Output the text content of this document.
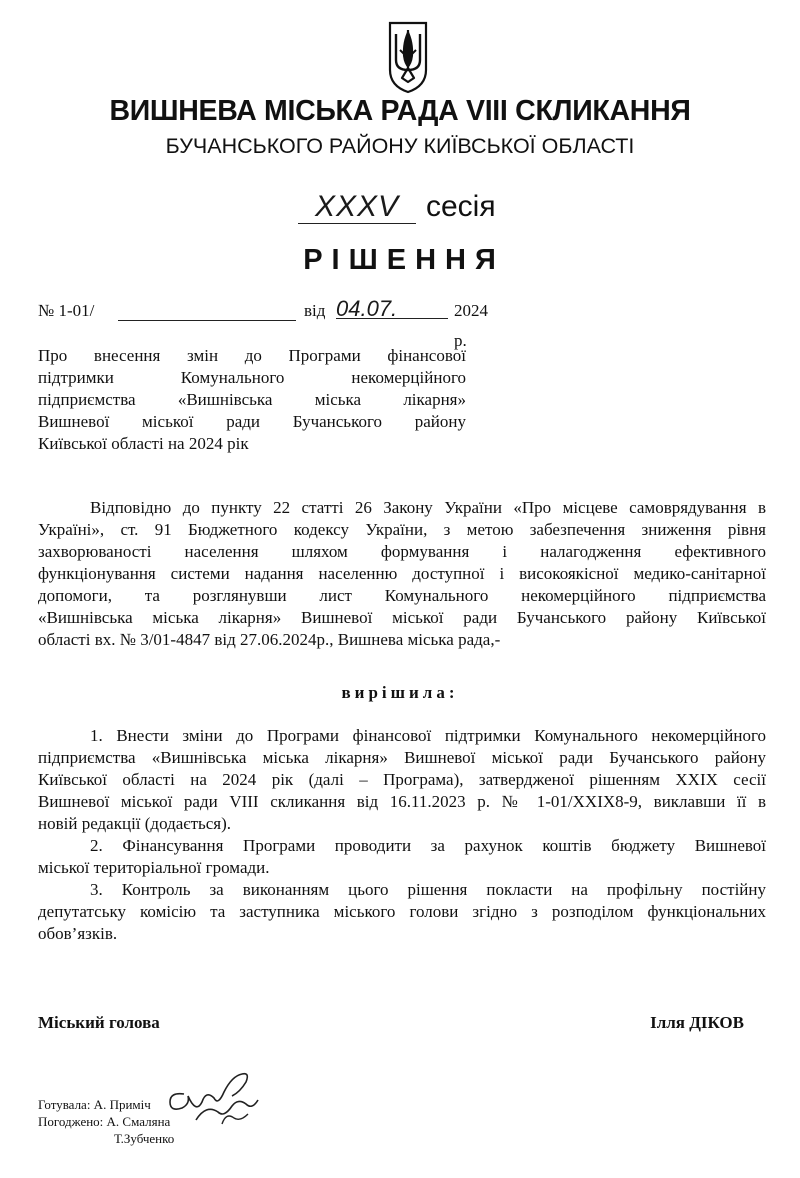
ВИШНЕВА МІСЬКА РАДА VIII СКЛИКАННЯ
БУЧАНСЬКОГО РАЙОНУ КИЇВСЬКОЇ ОБЛАСТІ
XXXV сесія
РІШЕННЯ
№ 1-01/	від 04.07.	2024 р.
Про внесення змін до Програми фінансової
підтримки Комунального некомерційного
підприємства «Вишнівська міська лікарня»
Вишневої міської ради Бучанського району
Київської області на 2024 рік
Відповідно до пункту 22 статті 26 Закону України «Про місцеве самоврядування в
Україні», ст. 91 Бюджетного кодексу України, з метою забезпечення зниження рівня
захворюваності населення шляхом формування і налагодження ефективного
функціонування системи надання населенню доступної і високоякісної медико-санітарної
допомоги, та розглянувши лист Комунального некомерційного підприємства
«Вишнівська міська лікарня» Вишневої міської ради Бучанського району Київської
області вх. № 3/01-4847 від 27.06.2024р., Вишнева міська рада,-
вирішила:
1. Внести зміни до Програми фінансової підтримки Комунального некомерційного
підприємства «Вишнівська міська лікарня» Вишневої міської ради Бучанського району
Київської області на 2024 рік (далі – Програма), затвердженої рішенням XXIX сесії
Вишневої міської ради VIII скликання від 16.11.2023 р. № 1-01/XXIX8-9, виклавши її в
новій редакції (додається).
2. Фінансування Програми проводити за рахунок коштів бюджету Вишневої
міської територіальної громади.
3. Контроль за виконанням цього рішення покласти на профільну постійну
депутатську комісію та заступника міського голови згідно з розподілом функціональних
обов’язків.
Міський голова	Ілля ДІКОВ
Готувала: А. Приміч
Погоджено: А. Смаляна
Т.Зубченко
